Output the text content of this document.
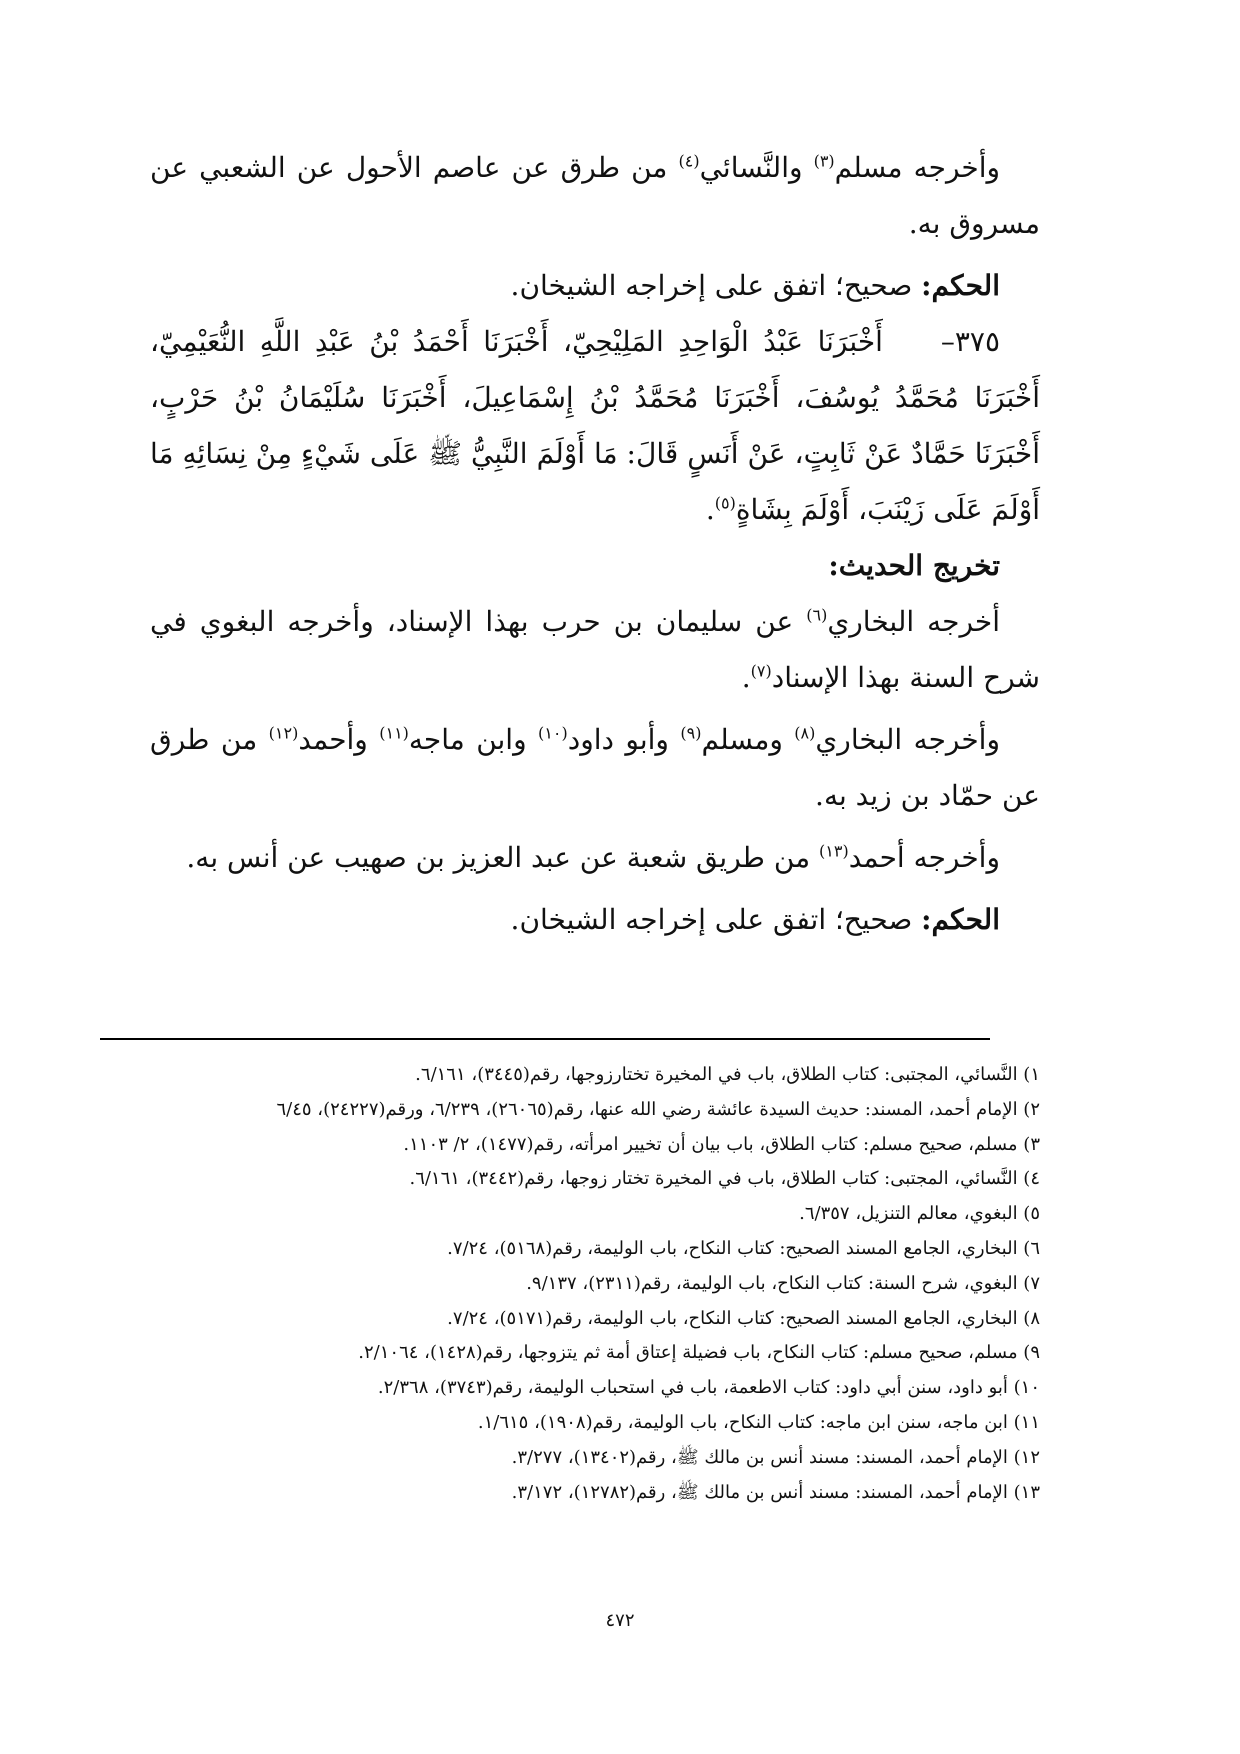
وأخرجه مسلم$^{(٣)}$ والنَّسائي$^{(٤)}$ من طرق عن عاصم الأحول عن الشعبي عن مسروق به.

الحكم: صحيح؛ اتفق على إخراجه الشيخان.

٣٧٥–    أَخْبَرَنَا عَبْدُ الْوَاحِدِ المَلِيْحِيّ، أَخْبَرَنَا أَحْمَدُ بْنُ عَبْدِ اللَّهِ النُّعَيْمِيّ، أَخْبَرَنَا مُحَمَّدُ يُوسُفَ، أَخْبَرَنَا مُحَمَّدُ بْنُ إِسْمَاعِيلَ، أَخْبَرَنَا سُلَيْمَانُ بْنُ حَرْبٍ، أَخْبَرَنَا حَمَّادٌ عَنْ ثَابِتٍ، عَنْ أَنَسٍ قَالَ: مَا أَوْلَمَ النَّبِيُّ ﷺ عَلَى شَيْءٍ مِنْ نِسَائِهِ مَا أَوْلَمَ عَلَى زَيْنَبَ، أَوْلَمَ بِشَاةٍ$^{(٥)}$.

تخريج الحديث:

أخرجه البخاري$^{(٦)}$ عن سليمان بن حرب بهذا الإسناد، وأخرجه البغوي في شرح السنة بهذا الإسناد$^{(٧)}$.

وأخرجه البخاري$^{(٨)}$ ومسلم$^{(٩)}$ وأبو داود$^{(١٠)}$ وابن ماجه$^{(١١)}$ وأحمد$^{(١٢)}$ من طرق عن حمّاد بن زيد به.

وأخرجه أحمد$^{(١٣)}$ من طريق شعبة عن عبد العزيز بن صهيب عن أنس به.

الحكم: صحيح؛ اتفق على إخراجه الشيخان.

١) النَّسائي، المجتبى: كتاب الطلاق، باب في المخيرة تختارزوجها، رقم(٣٤٤٥)، ٦/١٦١.
٢) الإمام أحمد، المسند: حديث السيدة عائشة رضي الله عنها، رقم(٢٦٠٦٥)، ٦/٢٣٩، ورقم(٢٤٢٢٧)، ٦/٤٥
٣) مسلم، صحيح مسلم: كتاب الطلاق، باب بيان أن تخيير امرأته، رقم(١٤٧٧)، ٢/ ١١٠٣.
٤) النَّسائي، المجتبى: كتاب الطلاق، باب في المخيرة تختار زوجها، رقم(٣٤٤٢)، ٦/١٦١.
٥) البغوي، معالم التنزيل، ٦/٣٥٧.
٦) البخاري، الجامع المسند الصحيح: كتاب النكاح، باب الوليمة، رقم(٥١٦٨)، ٧/٢٤.
٧) البغوي، شرح السنة: كتاب النكاح، باب الوليمة، رقم(٢٣١١)، ٩/١٣٧.
٨) البخاري، الجامع المسند الصحيح: كتاب النكاح، باب الوليمة، رقم(٥١٧١)، ٧/٢٤.
٩) مسلم، صحيح مسلم: كتاب النكاح، باب فضيلة إعتاق أمة ثم يتزوجها، رقم(١٤٢٨)، ٢/١٠٦٤.
١٠) أبو داود، سنن أبي داود: كتاب الاطعمة، باب في استحباب الوليمة، رقم(٣٧٤٣)، ٢/٣٦٨.
١١) ابن ماجه، سنن ابن ماجه: كتاب النكاح، باب الوليمة، رقم(١٩٠٨)، ١/٦١٥.
١٢) الإمام أحمد، المسند: مسند أنس بن مالك ﷺ، رقم(١٣٤٠٢)، ٣/٢٧٧.
١٣) الإمام أحمد، المسند: مسند أنس بن مالك ﷺ، رقم(١٢٧٨٢)، ٣/١٧٢.
٤٧٢
